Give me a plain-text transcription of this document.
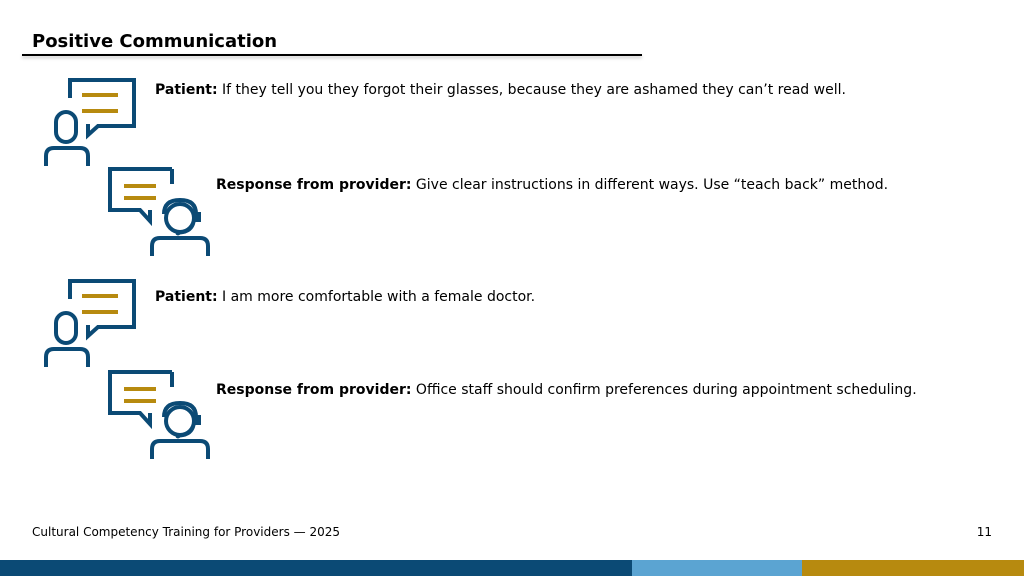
Positive Communication
Patient: If they tell you they forgot their glasses, because they are ashamed they can’t read well.
Response from provider: Give clear instructions in different ways. Use “teach back” method.
Patient: I am more comfortable with a female doctor.
Response from provider: Office staff should confirm preferences during appointment scheduling.
Cultural Competency Training for Providers — 2025	11
